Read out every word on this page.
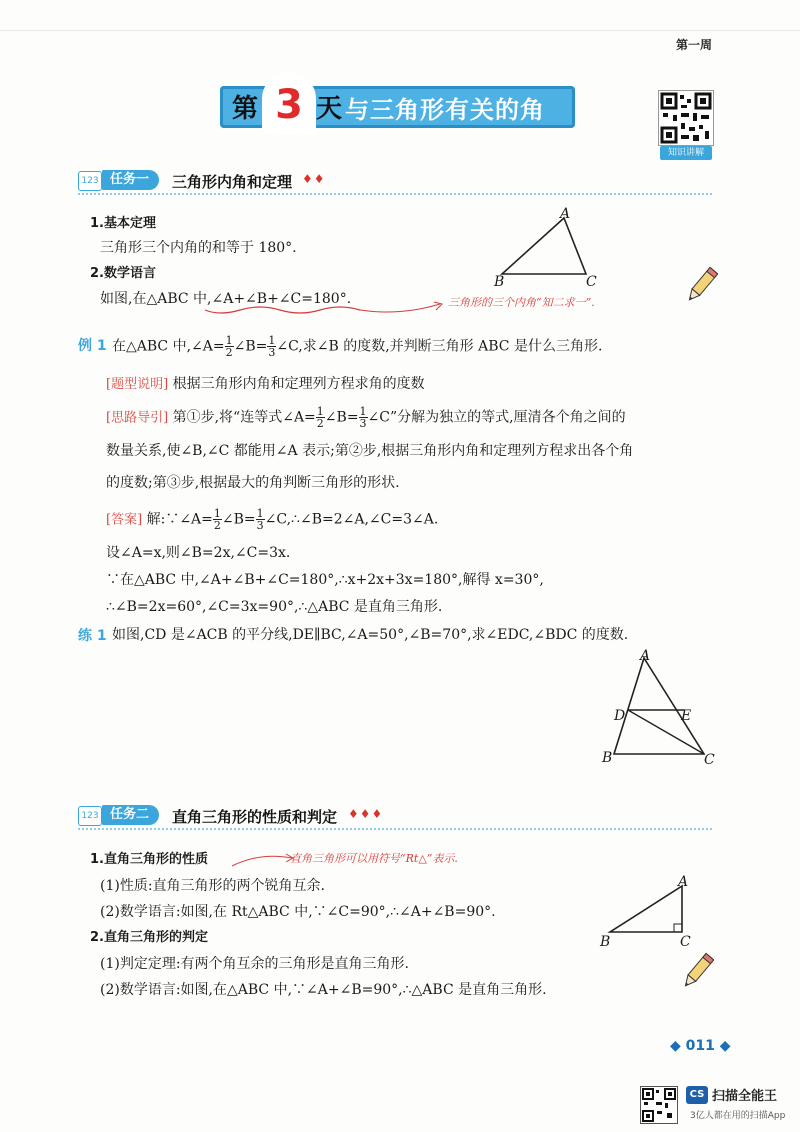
第一周
第 3 天 与三角形有关的角
知识讲解
123 任务一	三角形内角和定理 ♦♦
1.基本定理
三角形三个内角的和等于 180°.
2.数学语言
如图,在△ABC 中,∠A+∠B+∠C=180°.	三角形的三个内角“知二求一”.
A
B	C
例 1 在△ABC 中,∠A= $\frac{1}{2}$ ∠B= $\frac{1}{3}$ ∠C,求∠B 的度数,并判断三角形 ABC 是什么三角形.
[题型说明] 根据三角形内角和定理列方程求角的度数
[思路导引] 第①步,将“连等式∠A= $\frac{1}{2}$ ∠B= $\frac{1}{3}$ ∠C”分解为独立的等式,厘清各个角之间的
数量关系,使∠B,∠C 都能用∠A 表示;第②步,根据三角形内角和定理列方程求出各个角
的度数;第③步,根据最大的角判断三角形的形状.
[答案] 解:∵∠A= $\frac{1}{2}$ ∠B= $\frac{1}{3}$ ∠C,∴∠B=2∠A,∠C=3∠A.
设∠A=x,则∠B=2x,∠C=3x.
∵在△ABC 中,∠A+∠B+∠C=180°,∴x+2x+3x=180°,解得 x=30°,
∴∠B=2x=60°,∠C=3x=90°,∴△ABC 是直角三角形.
练 1 如图,CD 是∠ACB 的平分线,DE∥BC,∠A=50°,∠B=70°,求∠EDC,∠BDC 的度数.
A
D	E
B	C
123 任务二	直角三角形的性质和判定 ♦♦♦
1.直角三角形的性质	直角三角形可以用符号“Rt△”表示.
(1)性质:直角三角形的两个锐角互余.
(2)数学语言:如图,在 Rt△ABC 中,∵∠C=90°,∴∠A+∠B=90°.
2.直角三角形的判定
(1)判定定理:有两个角互余的三角形是直角三角形.
(2)数学语言:如图,在△ABC 中,∵∠A+∠B=90°,∴△ABC 是直角三角形.
A
B	C
◆ 011 ◆
CS 扫描全能王
3亿人都在用的扫描App
